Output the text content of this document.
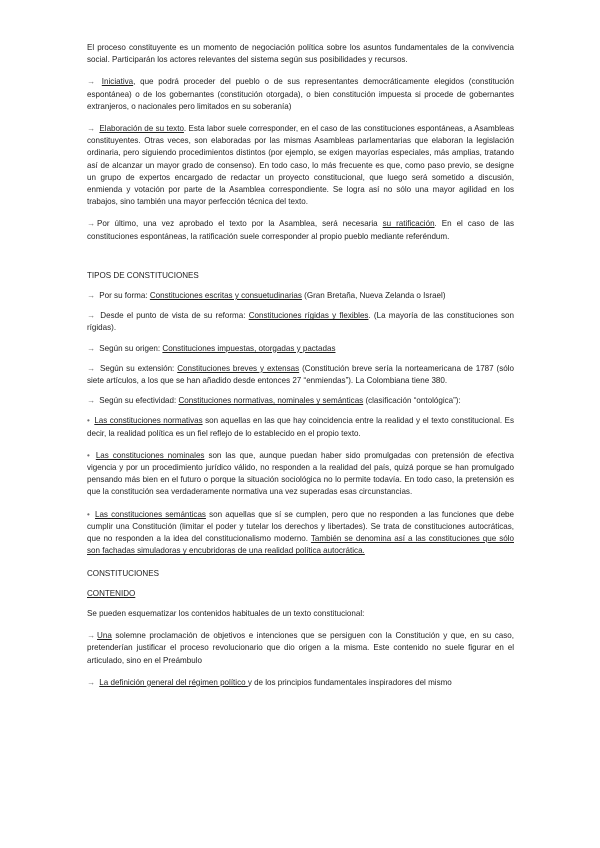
El proceso constituyente es un momento de negociación política sobre los asuntos fundamentales de la convivencia social. Participarán los actores relevantes del sistema según sus posibilidades y recursos.

→ Iniciativa, que podrá proceder del pueblo o de sus representantes democráticamente elegidos (constitución espontánea) o de los gobernantes (constitución otorgada), o bien constitución impuesta si procede de gobernantes extranjeros, o nacionales pero limitados en su soberanía)

→ Elaboración de su texto. Esta labor suele corresponder, en el caso de las constituciones espontáneas, a Asambleas constituyentes. Otras veces, son elaboradas por las mismas Asambleas parlamentarias que elaboran la legislación ordinaria, pero siguiendo procedimientos distintos (por ejemplo, se exigen mayorías especiales, más amplias, tratando así de alcanzar un mayor grado de consenso). En todo caso, lo más frecuente es que, como paso previo, se designe un grupo de expertos encargado de redactar un proyecto constitucional, que luego será sometido a discusión, enmienda y votación por parte de la Asamblea correspondiente. Se logra así no sólo una mayor agilidad en los trabajos, sino también una mayor perfección técnica del texto.

→ Por último, una vez aprobado el texto por la Asamblea, será necesaria su ratificación. En el caso de las constituciones espontáneas, la ratificación suele corresponder al propio pueblo mediante referéndum.

TIPOS DE CONSTITUCIONES

→ Por su forma: Constituciones escritas y consuetudinarias (Gran Bretaña, Nueva Zelanda o Israel)

→ Desde el punto de vista de su reforma: Constituciones rígidas y flexibles. (La mayoría de las constituciones son rígidas).

→ Según su origen: Constituciones impuestas, otorgadas y pactadas

→ Según su extensión: Constituciones breves y extensas (Constitución breve sería la norteamericana de 1787 (sólo siete artículos, a los que se han añadido desde entonces 27 “enmiendas”). La Colombiana tiene 380.

→ Según su efectividad: Constituciones normativas, nominales y semánticas (clasificación “ontológica”):

• Las constituciones normativas son aquellas en las que hay coincidencia entre la realidad y el texto constitucional. Es decir, la realidad política es un fiel reflejo de lo establecido en el propio texto.

• Las constituciones nominales son las que, aunque puedan haber sido promulgadas con pretensión de efectiva vigencia y por un procedimiento jurídico válido, no responden a la realidad del país, quizá porque se han promulgado pensando más bien en el futuro o porque la situación sociológica no lo permite todavía. En todo caso, la pretensión es que la constitución sea verdaderamente normativa una vez superadas esas circunstancias.

• Las constituciones semánticas son aquellas que sí se cumplen, pero que no responden a las funciones que debe cumplir una Constitución (limitar el poder y tutelar los derechos y libertades). Se trata de constituciones autocráticas, que no responden a la idea del constitucionalismo moderno. También se denomina así a las constituciones que sólo son fachadas simuladoras y encubridoras de una realidad política autocrática.

CONSTITUCIONES

CONTENIDO

Se pueden esquematizar los contenidos habituales de un texto constitucional:

→ Una solemne proclamación de objetivos e intenciones que se persiguen con la Constitución y que, en su caso, pretenderían justificar el proceso revolucionario que dio origen a la misma. Este contenido no suele figurar en el articulado, sino en el Preámbulo

→ La definición general del régimen político y de los principios fundamentales inspiradores del mismo
